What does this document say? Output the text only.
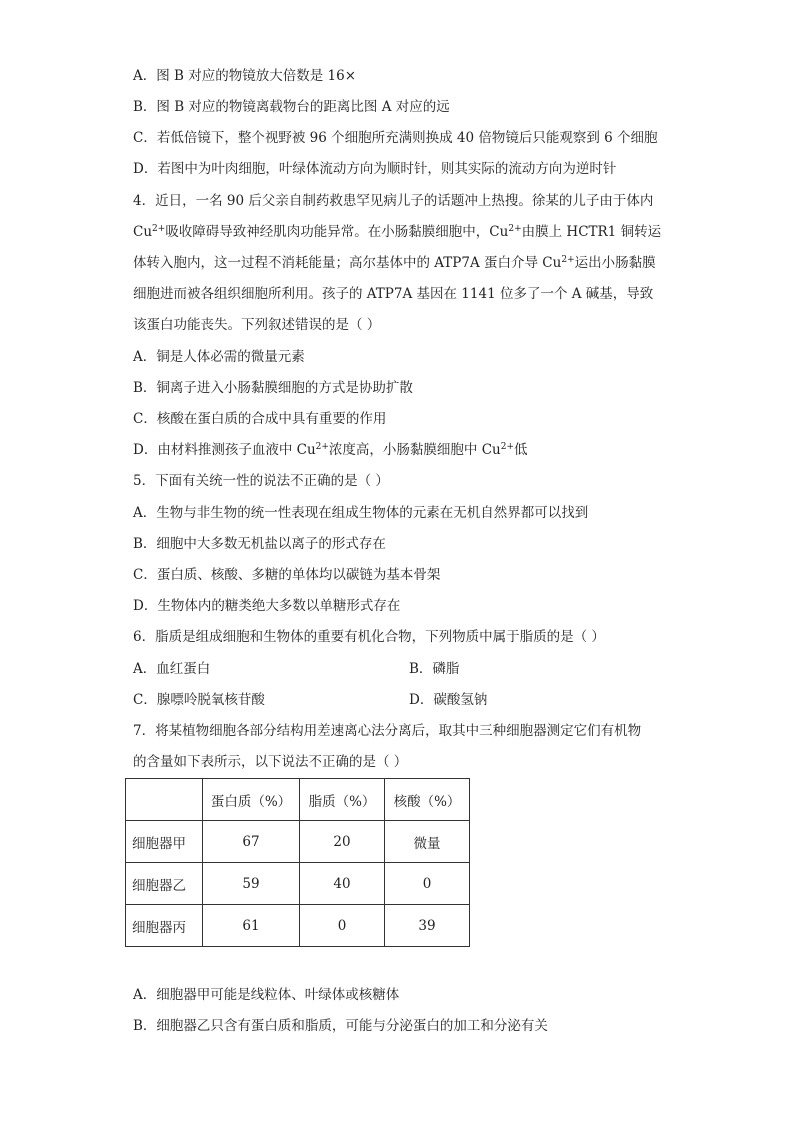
A．图 B 对应的物镜放大倍数是 16×
B．图 B 对应的物镜离载物台的距离比图 A 对应的远
C．若低倍镜下，整个视野被 96 个细胞所充满则换成 40 倍物镜后只能观察到 6 个细胞
D．若图中为叶肉细胞，叶绿体流动方向为顺时针，则其实际的流动方向为逆时针
4．近日，一名 90 后父亲自制药救患罕见病儿子的话题冲上热搜。徐某的儿子由于体内
$Cu^{2+}$吸收障碍导致神经肌肉功能异常。在小肠黏膜细胞中，$Cu^{2+}$由膜上 HCTR1 铜转运
体转入胞内，这一过程不消耗能量；高尔基体中的 ATP7A 蛋白介导 $Cu^{2+}$运出小肠黏膜
细胞进而被各组织细胞所利用。孩子的 ATP7A 基因在 1141 位多了一个 A 碱基，导致
该蛋白功能丧失。下列叙述错误的是（ ）
A．铜是人体必需的微量元素
B．铜离子进入小肠黏膜细胞的方式是协助扩散
C．核酸在蛋白质的合成中具有重要的作用
D．由材料推测孩子血液中 $Cu^{2+}$浓度高，小肠黏膜细胞中 $Cu^{2+}$低
5．下面有关统一性的说法不正确的是（ ）
A．生物与非生物的统一性表现在组成生物体的元素在无机自然界都可以找到
B．细胞中大多数无机盐以离子的形式存在
C．蛋白质、核酸、多糖的单体均以碳链为基本骨架
D．生物体内的糖类绝大多数以单糖形式存在
6．脂质是组成细胞和生物体的重要有机化合物，下列物质中属于脂质的是（ ）
A．血红蛋白	B．磷脂
C．腺嘌呤脱氧核苷酸	D．碳酸氢钠
7．将某植物细胞各部分结构用差速离心法分离后，取其中三种细胞器测定它们有机物
的含量如下表所示，以下说法不正确的是（ ）
	蛋白质（%）	脂质（%）	核酸（%）
细胞器甲	67	20	微量
细胞器乙	59	40	0
细胞器丙	61	0	39
A．细胞器甲可能是线粒体、叶绿体或核糖体
B．细胞器乙只含有蛋白质和脂质，可能与分泌蛋白的加工和分泌有关
